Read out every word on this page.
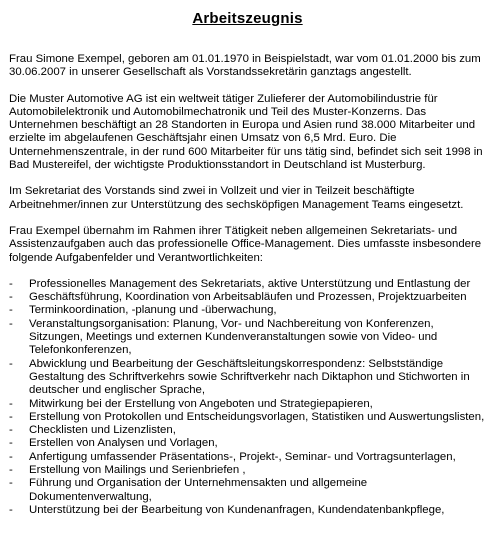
Arbeitszeugnis

Frau Simone Exempel, geboren am 01.01.1970 in Beispielstadt, war vom 01.01.2000 bis zum 30.06.2007 in unserer Gesellschaft als Vorstandssekretärin ganztags angestellt.

Die Muster Automotive AG ist ein weltweit tätiger Zulieferer der Automobilindustrie für Automobilelektronik und Automobilmechatronik und Teil des Muster-Konzerns. Das Unternehmen beschäftigt an 28 Standorten in Europa und Asien rund 38.000 Mitarbeiter und erzielte im abgelaufenen Geschäftsjahr einen Umsatz von 6,5 Mrd. Euro. Die Unternehmenszentrale, in der rund 600 Mitarbeiter für uns tätig sind, befindet sich seit 1998 in Bad Mustereifel, der wichtigste Produktionsstandort in Deutschland ist Musterburg.

Im Sekretariat des Vorstands sind zwei in Vollzeit und vier in Teilzeit beschäftigte Arbeitnehmer/innen zur Unterstützung des sechsköpfigen Management Teams eingesetzt.

Frau Exempel übernahm im Rahmen ihrer Tätigkeit neben allgemeinen Sekretariats- und Assistenzaufgaben auch das professionelle Office-Management. Dies umfasste insbesondere folgende Aufgabenfelder und Verantwortlichkeiten:

- Professionelles Management des Sekretariats, aktive Unterstützung und Entlastung der
- Geschäftsführung, Koordination von Arbeitsabläufen und Prozessen, Projektzuarbeiten
- Terminkoordination, -planung und -überwachung,
- Veranstaltungsorganisation: Planung, Vor- und Nachbereitung von Konferenzen, Sitzungen, Meetings und externen Kundenveranstaltungen sowie von Video- und Telefonkonferenzen,
- Abwicklung und Bearbeitung der Geschäftsleitungskorrespondenz: Selbstständige Gestaltung des Schriftverkehrs sowie Schriftverkehr nach Diktaphon und Stichworten in deutscher und englischer Sprache,
- Mitwirkung bei der Erstellung von Angeboten und Strategiepapieren,
- Erstellung von Protokollen und Entscheidungsvorlagen, Statistiken und Auswertungslisten,
- Checklisten und Lizenzlisten,
- Erstellen von Analysen und Vorlagen,
- Anfertigung umfassender Präsentations-, Projekt-, Seminar- und Vortragsunterlagen,
- Erstellung von Mailings und Serienbriefen ,
- Führung und Organisation der Unternehmensakten und allgemeine Dokumentenverwaltung,
- Unterstützung bei der Bearbeitung von Kundenanfragen, Kundendatenbankpflege,
